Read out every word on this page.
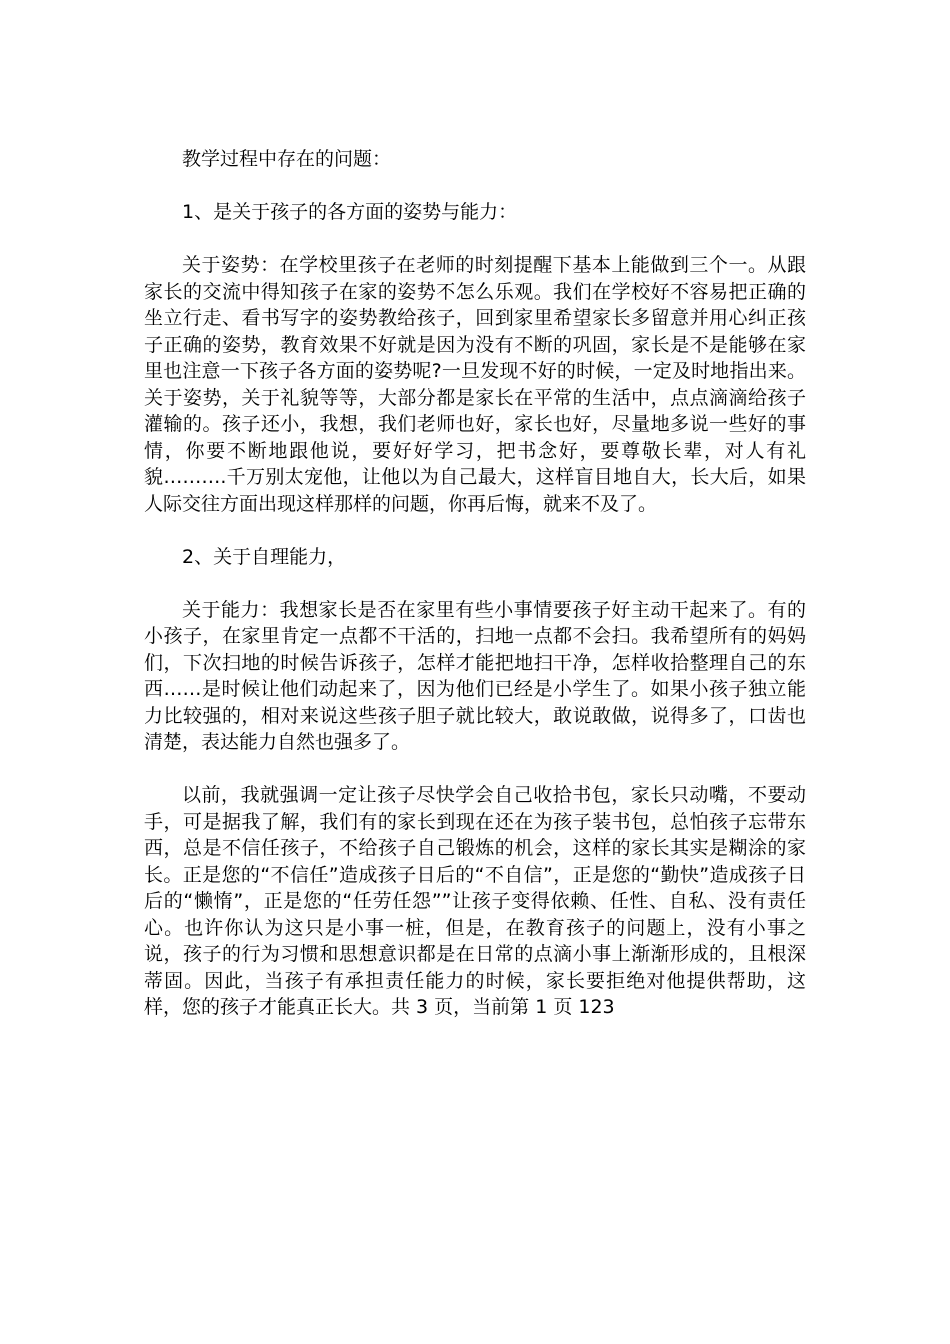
教学过程中存在的问题：

1、是关于孩子的各方面的姿势与能力：

关于姿势：在学校里孩子在老师的时刻提醒下基本上能做到三个一。从跟家长的交流中得知孩子在家的姿势不怎么乐观。我们在学校好不容易把正确的坐立行走、看书写字的姿势教给孩子，回到家里希望家长多留意并用心纠正孩子正确的姿势，教育效果不好就是因为没有不断的巩固，家长是不是能够在家里也注意一下孩子各方面的姿势呢?一旦发现不好的时候，一定及时地指出来。关于姿势，关于礼貌等等，大部分都是家长在平常的生活中，点点滴滴给孩子灌输的。孩子还小，我想，我们老师也好，家长也好，尽量地多说一些好的事情，你要不断地跟他说，要好好学习，把书念好，要尊敬长辈，对人有礼貌……….千万别太宠他，让他以为自己最大，这样盲目地自大，长大后，如果人际交往方面出现这样那样的问题，你再后悔，就来不及了。

2、关于自理能力，

关于能力：我想家长是否在家里有些小事情要孩子好主动干起来了。有的小孩子，在家里肯定一点都不干活的，扫地一点都不会扫。我希望所有的妈妈们，下次扫地的时候告诉孩子，怎样才能把地扫干净，怎样收拾整理自己的东西……是时候让他们动起来了，因为他们已经是小学生了。如果小孩子独立能力比较强的，相对来说这些孩子胆子就比较大，敢说敢做，说得多了，口齿也清楚，表达能力自然也强多了。

以前，我就强调一定让孩子尽快学会自己收拾书包，家长只动嘴，不要动手，可是据我了解，我们有的家长到现在还在为孩子装书包，总怕孩子忘带东西，总是不信任孩子，不给孩子自己锻炼的机会，这样的家长其实是糊涂的家长。正是您的“不信任”造成孩子日后的“不自信”，正是您的“勤快”造成孩子日后的“懒惰”，正是您的“任劳任怨””让孩子变得依赖、任性、自私、没有责任心。也许你认为这只是小事一桩，但是，在教育孩子的问题上，没有小事之说，孩子的行为习惯和思想意识都是在日常的点滴小事上渐渐形成的，且根深蒂固。因此，当孩子有承担责任能力的时候，家长要拒绝对他提供帮助，这样，您的孩子才能真正长大。共 3 页，当前第 1 页 123
